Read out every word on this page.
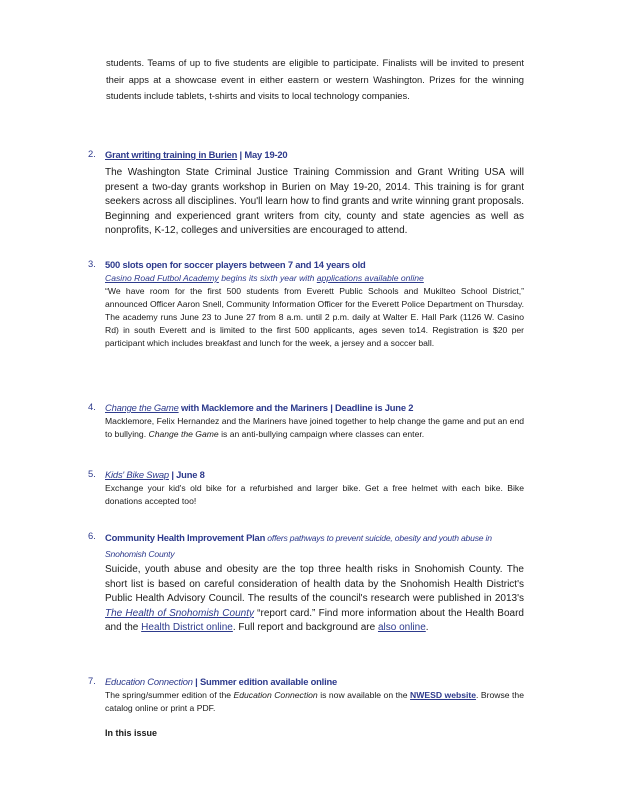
students. Teams of up to five students are eligible to participate. Finalists will be invited to present their apps at a showcase event in either eastern or western Washington. Prizes for the winning students include tablets, t-shirts and visits to local technology companies.

2. Grant writing training in Burien | May 19-20

The Washington State Criminal Justice Training Commission and Grant Writing USA will present a two-day grants workshop in Burien on May 19-20, 2014. This training is for grant seekers across all disciplines. You'll learn how to find grants and write winning grant proposals. Beginning and experienced grant writers from city, county and state agencies as well as nonprofits, K-12, colleges and universities are encouraged to attend.

3. 500 slots open for soccer players between 7 and 14 years old
Casino Road Futbol Academy begins its sixth year with applications available online

“We have room for the first 500 students from Everett Public Schools and Mukilteo School District,” announced Officer Aaron Snell, Community Information Officer for the Everett Police Department on Thursday. The academy runs June 23 to June 27 from 8 a.m. until 2 p.m. daily at Walter E. Hall Park (1126 W. Casino Rd) in south Everett and is limited to the first 500 applicants, ages seven to14. Registration is $20 per participant which includes breakfast and lunch for the week, a jersey and a soccer ball.

4. Change the Game with Macklemore and the Mariners | Deadline is June 2

Macklemore, Felix Hernandez and the Mariners have joined together to help change the game and put an end to bullying. Change the Game is an anti-bullying campaign where classes can enter.

5. Kids' Bike Swap | June 8

Exchange your kid's old bike for a refurbished and larger bike. Get a free helmet with each bike. Bike donations accepted too!

6. Community Health Improvement Plan offers pathways to prevent suicide, obesity and youth abuse in Snohomish County

Suicide, youth abuse and obesity are the top three health risks in Snohomish County. The short list is based on careful consideration of health data by the Snohomish Health District's Public Health Advisory Council. The results of the council's research were published in 2013's The Health of Snohomish County “report card.” Find more information about the Health Board and the Health District online. Full report and background are also online.

7. Education Connection | Summer edition available online

The spring/summer edition of the Education Connection is now available on the NWESD website. Browse the catalog online or print a PDF.

In this issue
